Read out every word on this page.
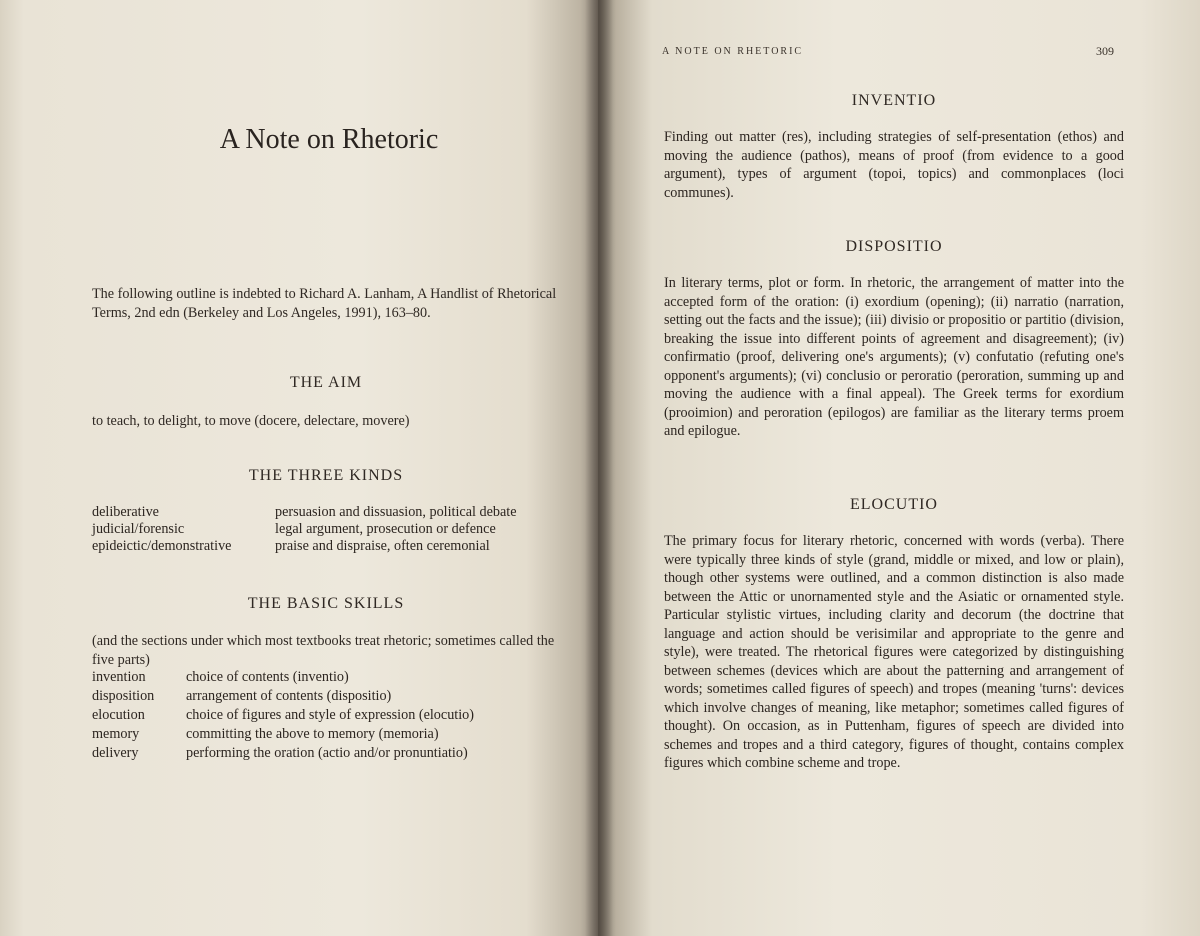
A Note on Rhetoric
The following outline is indebted to Richard A. Lanham, A Handlist of Rhetorical Terms, 2nd edn (Berkeley and Los Angeles, 1991), 163–80.
THE AIM
to teach, to delight, to move (docere, delectare, movere)
THE THREE KINDS
deliberative	persuasion and dissuasion, political debate
judicial/forensic	legal argument, prosecution or defence
epideictic/demonstrative	praise and dispraise, often ceremonial
THE BASIC SKILLS
(and the sections under which most textbooks treat rhetoric; sometimes called the five parts)
invention	choice of contents (inventio)
disposition	arrangement of contents (dispositio)
elocution	choice of figures and style of expression (elocutio)
memory	committing the above to memory (memoria)
delivery	performing the oration (actio and/or pronuntiatio)
A NOTE ON RHETORIC	309
INVENTIO
Finding out matter (res), including strategies of self-presentation (ethos) and moving the audience (pathos), means of proof (from evidence to a good argument), types of argument (topoi, topics) and commonplaces (loci communes).
DISPOSITIO
In literary terms, plot or form. In rhetoric, the arrangement of matter into the accepted form of the oration: (i) exordium (opening); (ii) narratio (narration, setting out the facts and the issue); (iii) divisio or propositio or partitio (division, breaking the issue into different points of agreement and disagreement); (iv) confirmatio (proof, delivering one's arguments); (v) confutatio (refuting one's opponent's arguments); (vi) conclusio or peroratio (peroration, summing up and moving the audience with a final appeal). The Greek terms for exordium (prooimion) and peroration (epilogos) are familiar as the literary terms proem and epilogue.
ELOCUTIO
The primary focus for literary rhetoric, concerned with words (verba). There were typically three kinds of style (grand, middle or mixed, and low or plain), though other systems were outlined, and a common distinction is also made between the Attic or unornamented style and the Asiatic or ornamented style. Particular stylistic virtues, including clarity and decorum (the doctrine that language and action should be verisimilar and appropriate to the genre and style), were treated. The rhetorical figures were categorized by distinguishing between schemes (devices which are about the patterning and arrangement of words; sometimes called figures of speech) and tropes (meaning 'turns': devices which involve changes of meaning, like metaphor; sometimes called figures of thought). On occasion, as in Puttenham, figures of speech are divided into schemes and tropes and a third category, figures of thought, contains complex figures which combine scheme and trope.
